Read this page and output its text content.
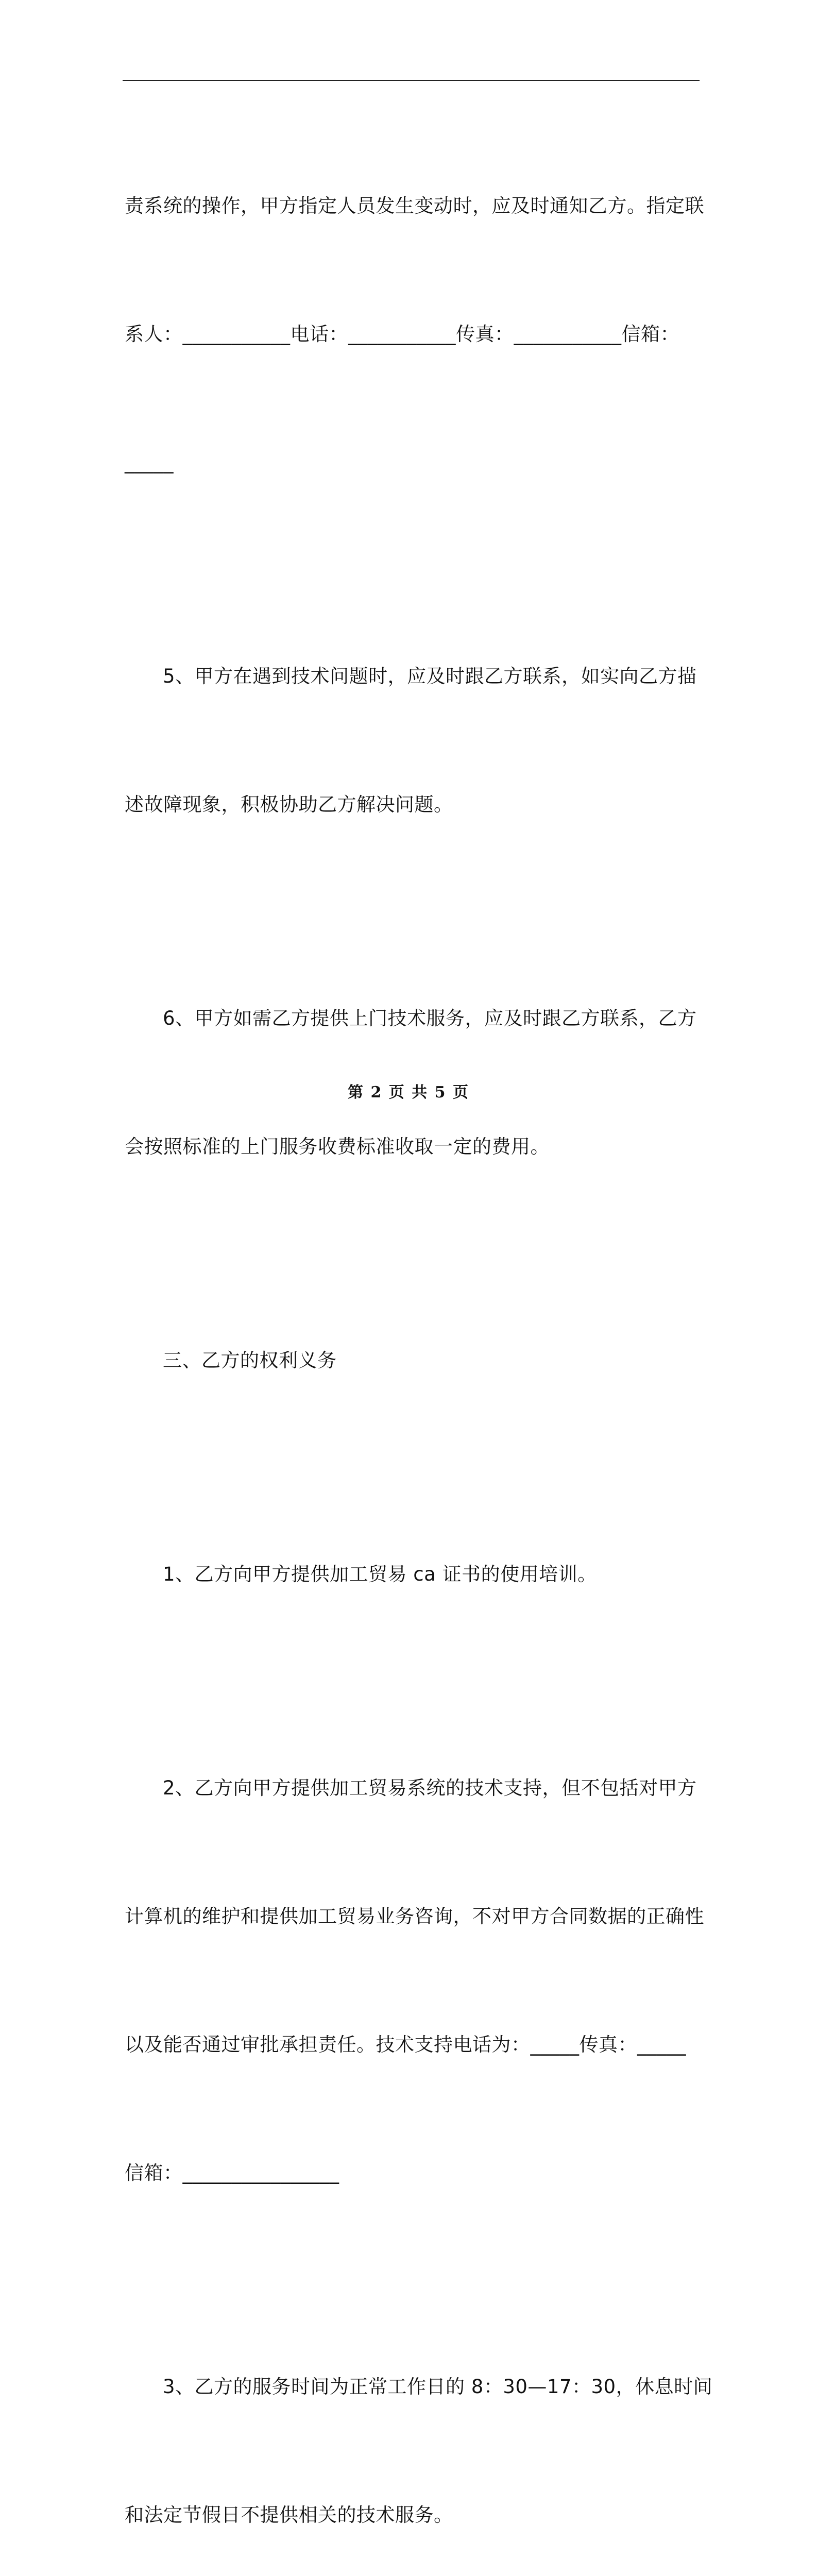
责系统的操作，甲方指定人员发生变动时，应及时通知乙方。指定联

系人：___________电话：___________传真：___________信箱：

_____

5、甲方在遇到技术问题时，应及时跟乙方联系，如实向乙方描

述故障现象，积极协助乙方解决问题。

6、甲方如需乙方提供上门技术服务，应及时跟乙方联系，乙方

会按照标准的上门服务收费标准收取一定的费用。

三、乙方的权利义务

1、乙方向甲方提供加工贸易 ca 证书的使用培训。

2、乙方向甲方提供加工贸易系统的技术支持，但不包括对甲方

计算机的维护和提供加工贸易业务咨询，不对甲方合同数据的正确性

以及能否通过审批承担责任。技术支持电话为：_____传真：_____

信箱：________________

3、乙方的服务时间为正常工作日的 8：30—17：30，休息时间

和法定节假日不提供相关的技术服务。

第 2 页 共 5 页
